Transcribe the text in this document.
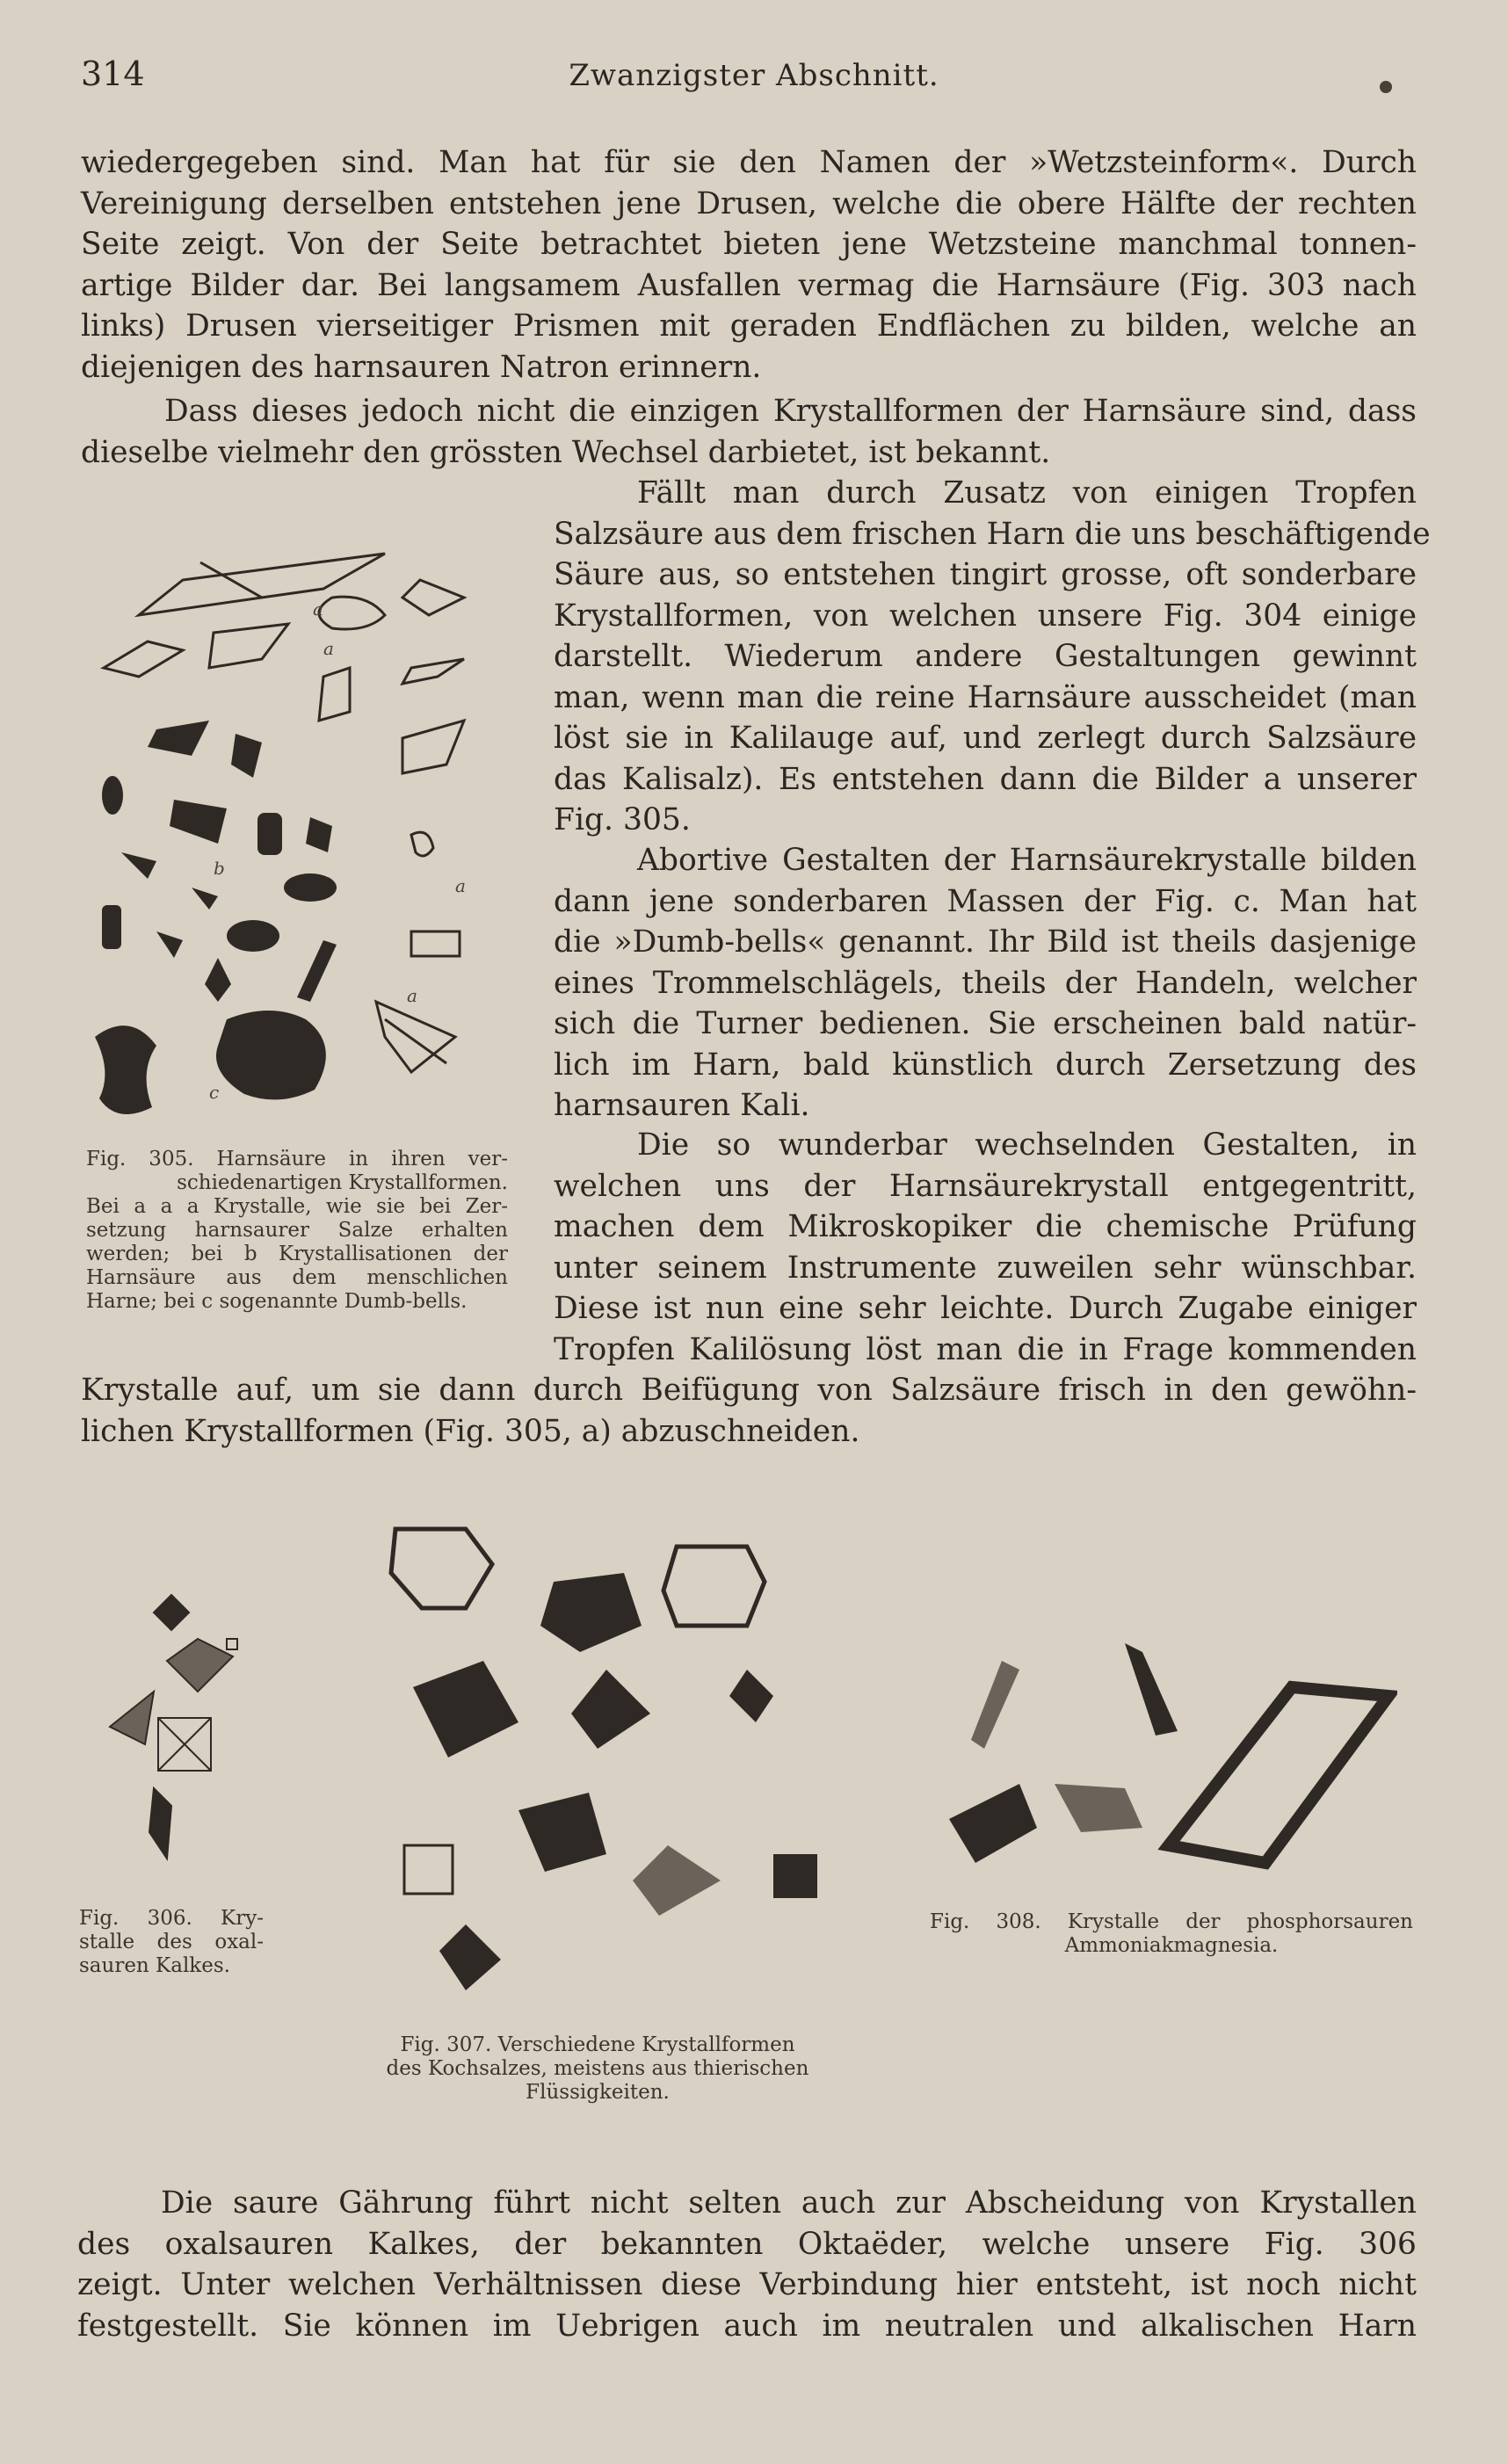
314	Zwanzigster Abschnitt.
wiedergegeben sind. Man hat für sie den Namen der »Wetzsteinform«. Durch
Vereinigung derselben entstehen jene Drusen, welche die obere Hälfte der rechten
Seite zeigt. Von der Seite betrachtet bieten jene Wetzsteine manchmal tonnen-
artige Bilder dar. Bei langsamem Ausfallen vermag die Harnsäure (Fig. 303 nach
links) Drusen vierseitiger Prismen mit geraden Endflächen zu bilden, welche an
diejenigen des harnsauren Natron erinnern.
Dass dieses jedoch nicht die einzigen Krystallformen der Harnsäure sind, dass
dieselbe vielmehr den grössten Wechsel darbietet, ist bekannt.
Fällt man durch Zusatz von einigen Tropfen
Salzsäure aus dem frischen Harn die uns beschäftigende
Säure aus, so entstehen tingirt grosse, oft sonderbare
Krystallformen, von welchen unsere Fig. 304 einige
darstellt. Wiederum andere Gestaltungen gewinnt
man, wenn man die reine Harnsäure ausscheidet (man
löst sie in Kalilauge auf, und zerlegt durch Salzsäure
das Kalisalz). Es entstehen dann die Bilder a unserer
Fig. 305.
Abortive Gestalten der Harnsäurekrystalle bilden
dann jene sonderbaren Massen der Fig. c. Man hat
die »Dumb-bells« genannt. Ihr Bild ist theils dasjenige
eines Trommelschlägels, theils der Handeln, welcher
sich die Turner bedienen. Sie erscheinen bald natür-
lich im Harn, bald künstlich durch Zersetzung des
harnsauren Kali.
Die so wunderbar wechselnden Gestalten, in
welchen uns der Harnsäurekrystall entgegentritt,
machen dem Mikroskopiker die chemische Prüfung
unter seinem Instrumente zuweilen sehr wünschbar.
Diese ist nun eine sehr leichte. Durch Zugabe einiger
Tropfen Kalilösung löst man die in Frage kommenden
Krystalle auf, um sie dann durch Beifügung von Salzsäure frisch in den gewöhn-
lichen Krystallformen (Fig. 305, a) abzuschneiden.
a
a
b
a
a
c
Fig. 305. Harnsäure in ihren ver-
schiedenartigen Krystallformen.
Bei a a a Krystalle, wie sie bei Zer-
setzung harnsaurer Salze erhalten
werden; bei b Krystallisationen der
Harnsäure aus dem menschlichen
Harne; bei c sogenannte Dumb-bells.
Fig. 306. Kry-
stalle des oxal-
sauren Kalkes.
Fig. 307. Verschiedene Krystallformen
des Kochsalzes, meistens aus thierischen
Flüssigkeiten.
Fig. 308. Krystalle der phosphorsauren
Ammoniakmagnesia.
Die saure Gährung führt nicht selten auch zur Abscheidung von Krystallen
des oxalsauren Kalkes, der bekannten Oktaëder, welche unsere Fig. 306
zeigt. Unter welchen Verhältnissen diese Verbindung hier entsteht, ist noch nicht
festgestellt. Sie können im Uebrigen auch im neutralen und alkalischen Harn
